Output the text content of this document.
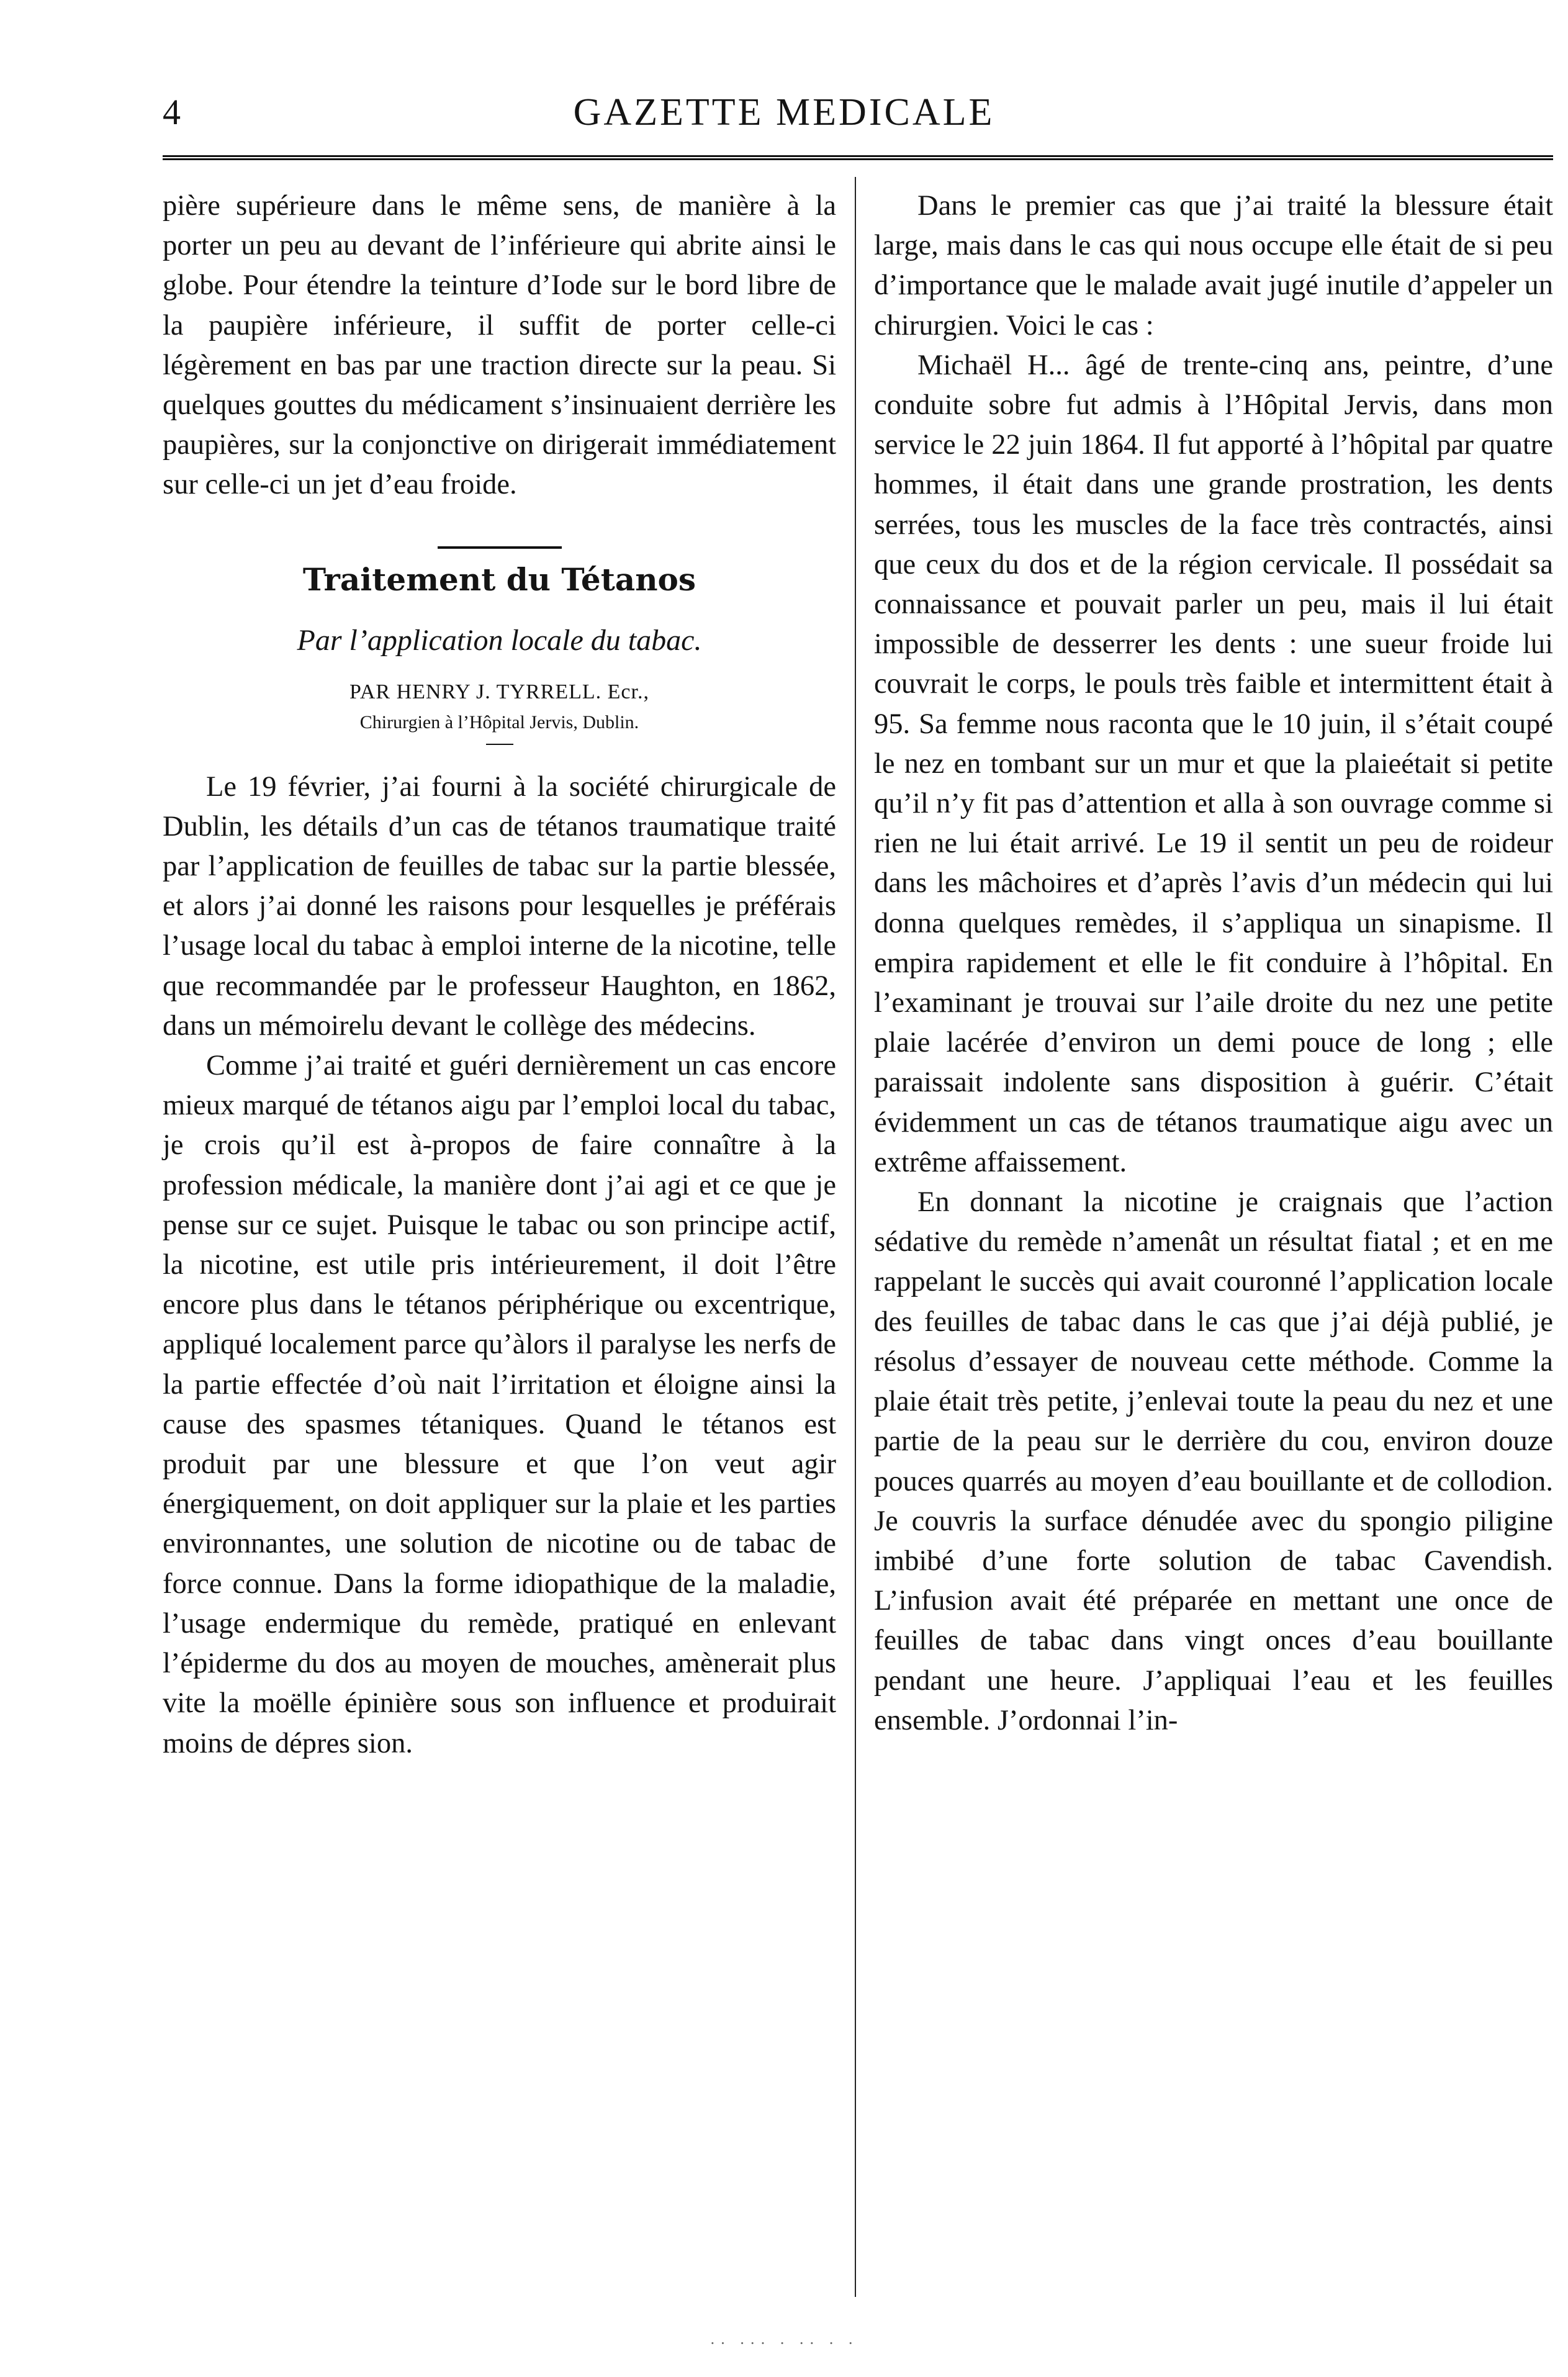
4	GAZETTE MEDICALE

pière supérieure dans le même sens, de manière à la porter un peu au devant de l’inférieure qui abrite ainsi le globe. Pour étendre la teinture d’Iode sur le bord libre de la paupière inférieure, il suffit de porter celle-ci légèrement en bas par une traction directe sur la peau. Si quelques gouttes du médicament s’insinuaient derrière les paupières, sur la conjonctive on dirigerait immédiatement sur celle-ci un jet d’eau froide.

Traitement du Tétanos
Par l’application locale du tabac.
PAR HENRY J. TYRRELL. Ecr.,
Chirurgien à l’Hôpital Jervis, Dublin.

Le 19 février, j’ai fourni à la société chirurgicale de Dublin, les détails d’un cas de tétanos traumatique traité par l’application de feuilles de tabac sur la partie blessée, et alors j’ai donné les raisons pour lesquelles je préférais l’usage local du tabac à emploi interne de la nicotine, telle que recommandée par le professeur Haughton, en 1862, dans un mémoirelu devant le collège des médecins.

Comme j’ai traité et guéri dernièrement un cas encore mieux marqué de tétanos aigu par l’emploi local du tabac, je crois qu’il est à-propos de faire connaître à la profession médicale, la manière dont j’ai agi et ce que je pense sur ce sujet. Puisque le tabac ou son principe actif, la nicotine, est utile pris intérieurement, il doit l’être encore plus dans le tétanos périphérique ou excentrique, appliqué localement parce qu’àlors il paralyse les nerfs de la partie effectée d’où nait l’irritation et éloigne ainsi la cause des spasmes tétaniques. Quand le tétanos est produit par une blessure et que l’on veut agir énergiquement, on doit appliquer sur la plaie et les parties environnantes, une solution de nicotine ou de tabac de force connue. Dans la forme idiopathique de la maladie, l’usage endermique du remède, pratiqué en enlevant l’épiderme du dos au moyen de mouches, amènerait plus vite la moëlle épinière sous son influence et produirait moins de dépres sion.

Dans le premier cas que j’ai traité la blessure était large, mais dans le cas qui nous occupe elle était de si peu d’importance que le malade avait jugé inutile d’appeler un chirurgien. Voici le cas :

Michaël H... âgé de trente-cinq ans, peintre, d’une conduite sobre fut admis à l’Hôpital Jervis, dans mon service le 22 juin 1864. Il fut apporté à l’hôpital par quatre hommes, il était dans une grande prostration, les dents serrées, tous les muscles de la face très contractés, ainsi que ceux du dos et de la région cervicale. Il possédait sa connaissance et pouvait parler un peu, mais il lui était impossible de desserrer les dents : une sueur froide lui couvrait le corps, le pouls très faible et intermittent était à 95. Sa femme nous raconta que le 10 juin, il s’était coupé le nez en tombant sur un mur et que la plaieétait si petite qu’il n’y fit pas d’attention et alla à son ouvrage comme si rien ne lui était arrivé. Le 19 il sentit un peu de roideur dans les mâchoires et d’après l’avis d’un médecin qui lui donna quelques remèdes, il s’appliqua un sinapisme. Il empira rapidement et elle le fit conduire à l’hôpital. En l’examinant je trouvai sur l’aile droite du nez une petite plaie lacérée d’environ un demi pouce de long ; elle paraissait indolente sans disposition à guérir. C’était évidemment un cas de tétanos traumatique aigu avec un extrême affaissement.

En donnant la nicotine je craignais que l’action sédative du remède n’amenât un résultat fiatal ; et en me rappelant le succès qui avait couronné l’application locale des feuilles de tabac dans le cas que j’ai déjà publié, je résolus d’essayer de nouveau cette méthode. Comme la plaie était très petite, j’enlevai toute la peau du nez et une partie de la peau sur le derrière du cou, environ douze pouces quarrés au moyen d’eau bouillante et de collodion. Je couvris la surface dénudée avec du spongio piligine imbibé d’une forte solution de tabac Cavendish. L’infusion avait été préparée en mettant une once de feuilles de tabac dans vingt onces d’eau bouillante pendant une heure. J’appliquai l’eau et les feuilles ensemble. J’ordonnai l’in-

·· ··· · ·· · ·
